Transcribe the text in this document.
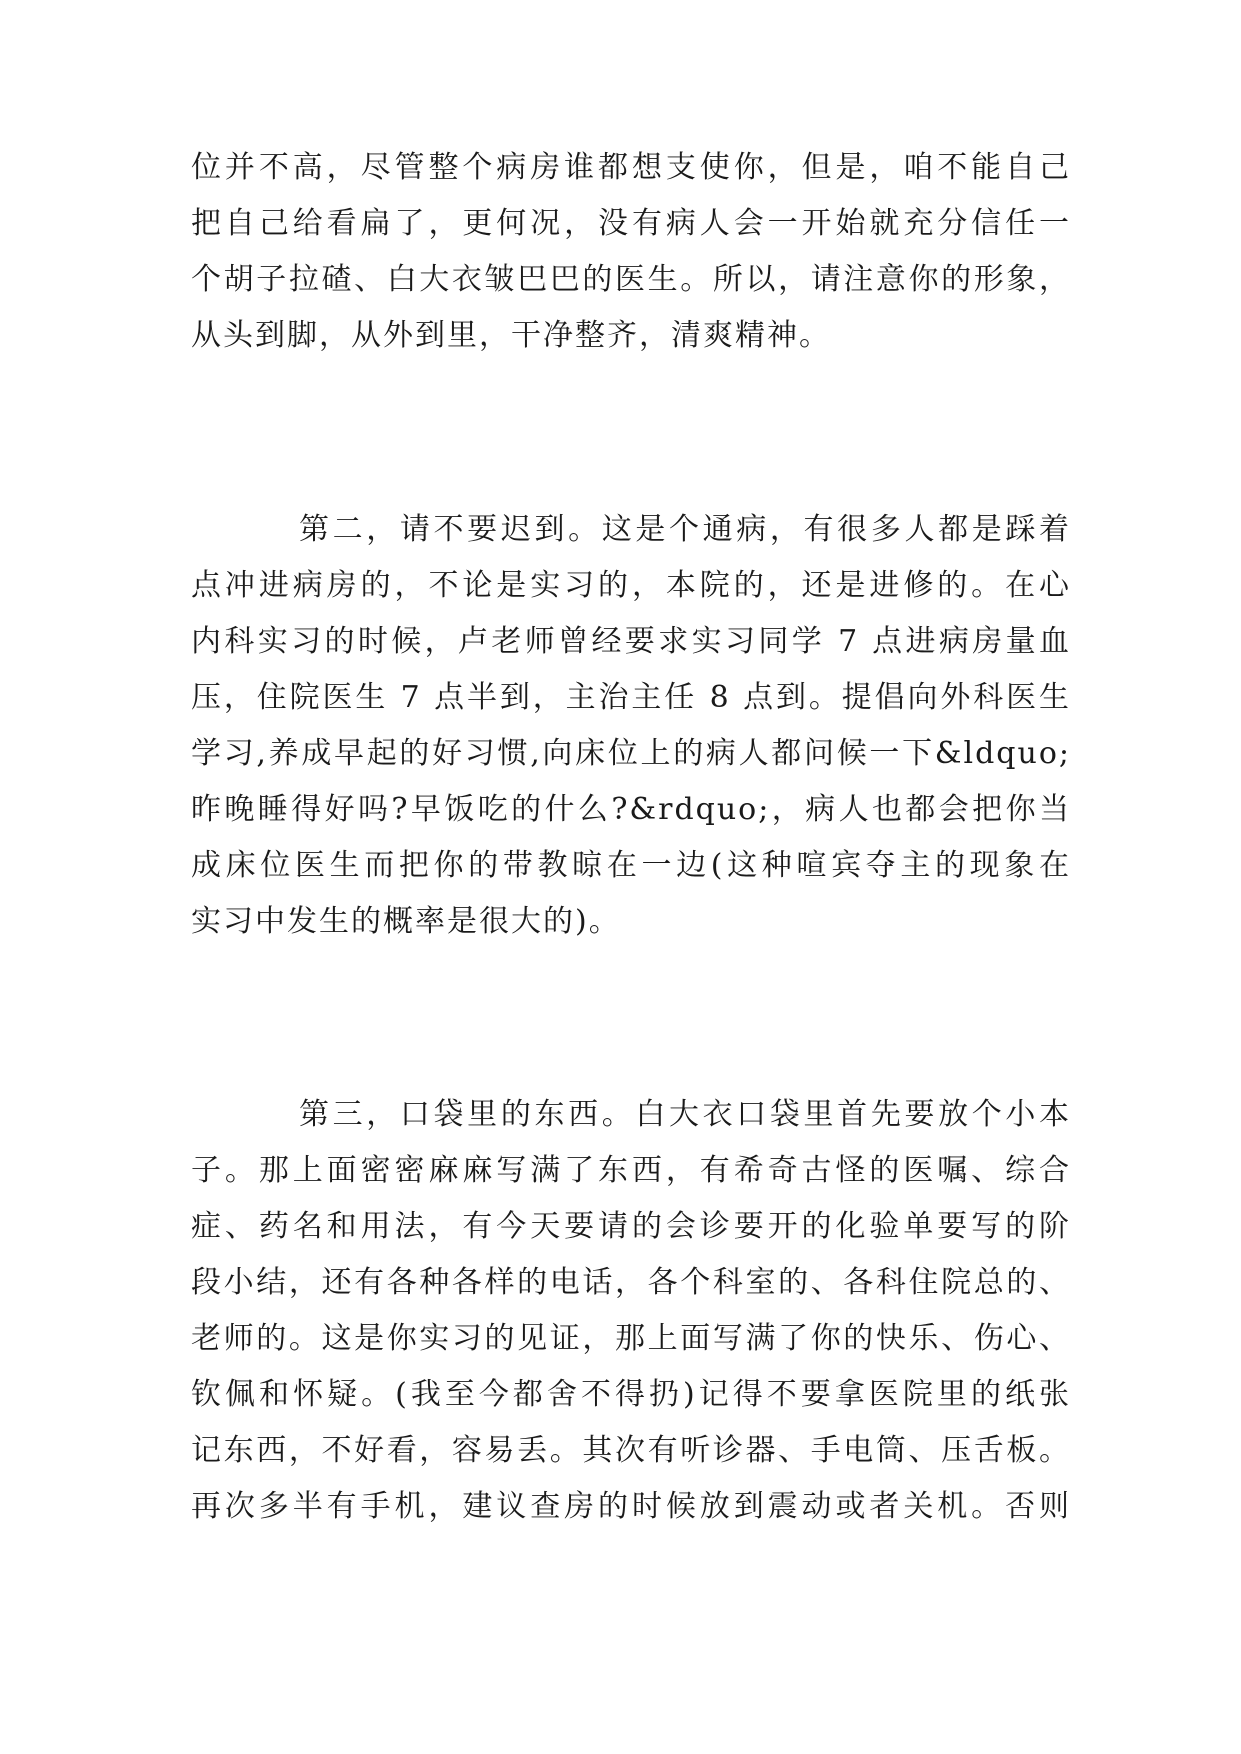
位并不高，尽管整个病房谁都想支使你，但是，咱不能自己

把自己给看扁了，更何况，没有病人会一开始就充分信任一

个胡子拉碴、白大衣皱巴巴的医生。所以，请注意你的形象，

从头到脚，从外到里，干净整齐，清爽精神。

第二，请不要迟到。这是个通病，有很多人都是踩着

点冲进病房的，不论是实习的，本院的，还是进修的。在心

内科实习的时候，卢老师曾经要求实习同学 7 点进病房量血

压，住院医生 7 点半到，主治主任 8 点到。提倡向外科医生

学习,养成早起的好习惯,向床位上的病人都问候一下&ldquo;

昨晚睡得好吗?早饭吃的什么?&rdquo;，病人也都会把你当

成床位医生而把你的带教晾在一边(这种喧宾夺主的现象在

实习中发生的概率是很大的)。

第三，口袋里的东西。白大衣口袋里首先要放个小本

子。那上面密密麻麻写满了东西，有希奇古怪的医嘱、综合

症、药名和用法，有今天要请的会诊要开的化验单要写的阶

段小结，还有各种各样的电话，各个科室的、各科住院总的、

老师的。这是你实习的见证，那上面写满了你的快乐、伤心、

钦佩和怀疑。(我至今都舍不得扔)记得不要拿医院里的纸张

记东西，不好看，容易丢。其次有听诊器、手电筒、压舌板。

再次多半有手机，建议查房的时候放到震动或者关机。否则
